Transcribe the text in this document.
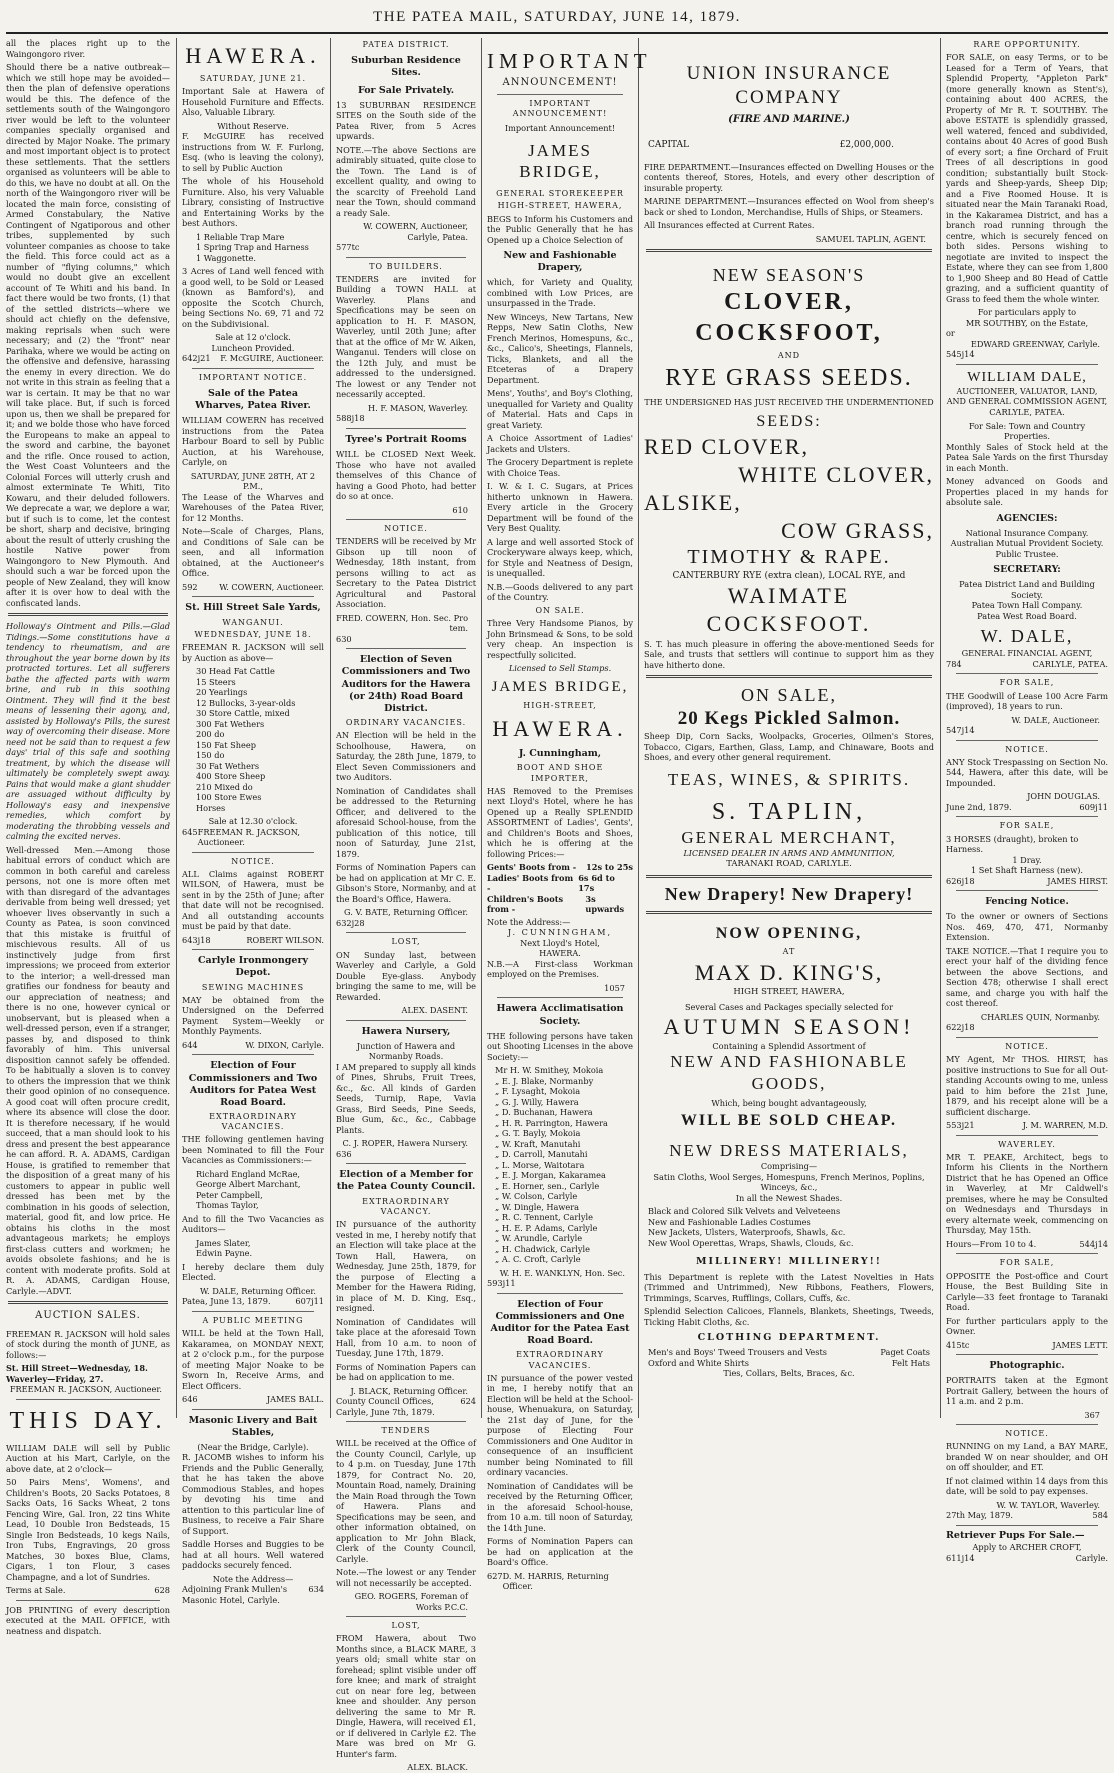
THE PATEA MAIL, SATURDAY, JUNE 14, 1879.

all the places right up to the Waingongoro river.

Should there be a native outbreak—which we still hope may be avoided—then the plan of defensive operations would be this. The defence of the settlements south of the Waingongoro river would be left to the volunteer companies specially organised and directed by Major Noake. The primary and most important object is to protect these settlements. That the settlers organised as volunteers will be able to do this, we have no doubt at all. On the north of the Waingongoro river will be located the main force, consisting of Armed Constabulary, the Native Contingent of Ngatiporous and other tribes, supplemented by such volunteer companies as choose to take the field. This force could act as a number of "flying columns," which would no doubt give an excellent account of Te Whiti and his band. In fact there would be two fronts, (1) that of the settled districts—where we should act chiefly on the defensive, making reprisals when such were necessary; and (2) the "front" near Parihaka, where we would be acting on the offensive and defensive, harassing the enemy in every direction. We do not write in this strain as feeling that a war is certain. It may be that no war will take place. But, if such is forced upon us, then we shall be prepared for it; and we bolde those who have forced the Europeans to make an appeal to the sword and carbine, the bayonet and the rifle. Once roused to action, the West Coast Volunteers and the Colonial Forces will utterly crush and almost exterminate Te Whiti, Tito Kowaru, and their deluded followers. We deprecate a war, we deplore a war, but if such is to come, let the contest be short, sharp and decisive, bringing about the result of utterly crushing the hostile Native power from Waingongoro to New Plymouth. And should such a war be forced upon the people of New Zealand, they will know after it is over how to deal with the confiscated lands.

Holloway's Ointment and Pills.—Glad Tidings.—Some constitutions have a tendency to rheumatism, and are throughout the year borne down by its protracted tortures. Let all sufferers bathe the affected parts with warm brine, and rub in this soothing Ointment. They will find it the best means of lessening their agony, and, assisted by Holloway's Pills, the surest way of overcoming their disease. More need not be said than to request a few days' trial of this safe and soothing treatment, by which the disease will ultimately be completely swept away. Pains that would make a giant shudder are assuaged without difficulty by Holloway's easy and inexpensive remedies, which comfort by moderating the throbbing vessels and calming the excited nerves.

Well-dressed Men.—Among those habitual errors of conduct which are common in both careful and careless persons, not one is more often met with than disregard of the advantages derivable from being well dressed; yet whoever lives observantly in such a County as Patea, is soon convinced that this mistake is fruitful of mischievous results. All of us instinctively judge from first impressions; we proceed from exterior to the interior; a well-dressed man gratifies our fondness for beauty and our appreciation of neatness; and there is no one, however cynical or unobservant, but is pleased when a well-dressed person, even if a stranger, passes by, and disposed to think favorably of him. This universal disposition cannot safely be offended. To be habitually a sloven is to convey to others the impression that we think their good opinion of no consequence. A good coat will often procure credit, where its absence will close the door. It is therefore necessary, if he would succeed, that a man should look to his dress and present the best appearance he can afford. R. A. ADAMS, Cardigan House, is gratified to remember that the disposition of a great many of his customers to appear in public well dressed has been met by the combination in his goods of selection, material, good fit, and low price. He obtains his cloths in the most advantageous markets; he employs first-class cutters and workmen; he avoids obsolete fashions; and he is content with moderate profits. Sold at R. A. ADAMS, Cardigan House, Carlyle.—ADVT.

AUCTION SALES.

FREEMAN R. JACKSON will hold sales of stock during the month of JUNE, as follows:—

St. Hill Street—Wednesday, 18.
Waverley—Friday, 27.
FREEMAN R. JACKSON, Auctioneer.
THIS DAY.

WILLIAM DALE will sell by Public Auction at his Mart, Carlyle, on the above date, at 2 o'clock—

50 Pairs Mens', Womens', and Children's Boots, 20 Sacks Potatoes, 8 Sacks Oats, 16 Sacks Wheat, 2 tons Fencing Wire, Gal. Iron, 22 tins White Lead, 10 Double Iron Bedsteads, 15 Single Iron Bedsteads, 10 kegs Nails, Iron Tubs, Engravings, 20 gross Matches, 30 boxes Blue, Clams, Cigars, 1 ton Flour, 3 cases Champagne, and a lot of Sundries.

Terms at Sale.	628

JOB PRINTING of every description executed at the MAIL OFFICE, with neatness and dispatch.

HAWERA.
SATURDAY, JUNE 21.

Important Sale at Hawera of Household Furniture and Effects. Also, Valuable Library.

Without Reserve.

F. McGUIRE has received instructions from W. F. Furlong, Esq. (who is leaving the colony), to sell by Public Auction

The whole of his Household Furniture. Also, his very Valuable Library, consisting of Instructive and Entertaining Works by the best Authors.

1 Reliable Trap Mare
1 Spring Trap and Harness
1 Waggonette.

3 Acres of Land well fenced with a good well, to be Sold or Leased (known as Bamford's), and opposite the Scotch Church, being Sections No. 69, 71 and 72 on the Subdivisional.

Sale at 12 o'clock.
Luncheon Provided.
642j21 F. McGUIRE, Auctioneer.
IMPORTANT NOTICE.
Sale of the Patea Wharves, Patea River.

WILLIAM COWERN has received instructions from the Patea Harbour Board to sell by Public Auction, at his Warehouse, Carlyle, on

SATURDAY, JUNE 28TH, AT 2 P.M.,

The Lease of the Wharves and Warehouses of the Patea River, for 12 Months.

Note—Scale of Charges, Plans, and Conditions of Sale can be seen, and all information obtained, at the Auctioneer's Office.

592	W. COWERN, Auctioneer.
St. Hill Street Sale Yards,
WANGANUI.
WEDNESDAY, JUNE 18.

FREEMAN R. JACKSON will sell by Auction as above—

30 Head Fat Cattle
15 Steers
20 Yearlings
12 Bullocks, 3-year-olds
30 Store Cattle, mixed
300 Fat Wethers
200 do
150 Fat Sheep
150 do
30 Fat Wethers
400 Store Sheep
210 Mixed do
100 Store Ewes
Horses
Sale at 12.30 o'clock.
645 FREEMAN R. JACKSON, Auctioneer.
NOTICE.

ALL Claims against ROBERT WILSON, of Hawera, must be sent in by the 25th of June; after that date will not be recognised. And all outstanding accounts must be paid by that date.

643j18	ROBERT WILSON.
Carlyle Ironmongery Depot.
SEWING MACHINES

MAY be obtained from the Undersigned on the Deferred Payment System—Weekly or Monthly Payments.

644	W. DIXON, Carlyle.
Election of Four Commissioners and Two Auditors for Patea West Road Board.
EXTRAORDINARY VACANCIES.

THE following gentlemen having been Nominated to fill the Four Vacancies as Commissioners:—

Richard England McRae,
George Albert Marchant,
Peter Campbell,
Thomas Taylor,

And to fill the Two Vacancies as Auditors—

James Slater,
Edwin Payne.

I hereby declare them duly Elected.

W. DALE, Returning Officer.
Patea, June 13, 1879.	607j11
A PUBLIC MEETING

WILL be held at the Town Hall, Kakaramea, on MONDAY NEXT, at 2 o'clock p.m., for the purpose of meeting Major Noake to be Sworn In, Receive Arms, and Elect Officers.

646	JAMES BALL.
Masonic Livery and Bait Stables,
(Near the Bridge, Carlyle).

R. JACOMB wishes to inform his Friends and the Public Generally, that he has taken the above Commodious Stables, and hopes by devoting his time and attention to this particular line of Business, to receive a Fair Share of Support.

Saddle Horses and Buggies to be had at all hours. Well watered paddocks securely fenced.

Note the Address—
Adjoining Frank Mullen's Masonic Hotel, Carlyle.
634
PATEA DISTRICT.
Suburban Residence Sites.
For Sale Privately.

13 SUBURBAN RESIDENCE SITES on the South side of the Patea River, from 5 Acres upwards.

NOTE.—The above Sections are admirably situated, quite close to the Town. The Land is of excellent quality, and owing to the scarcity of Freehold Land near the Town, should command a ready Sale.

W. COWERN, Auctioneer, Carlyle, Patea.
577tc
TO BUILDERS.

TENDERS are invited for Building a TOWN HALL at Waverley. Plans and Specifications may be seen on application to H. F. MASON, Waverley, until 20th June; after that at the office of Mr W. Aiken, Wanganui. Tenders will close on the 12th July, and must be addressed to the undersigned. The lowest or any Tender not necessarily accepted.

H. F. MASON, Waverley.
588j18
Tyree's Portrait Rooms

WILL be CLOSED Next Week. Those who have not availed themselves of this Chance of having a Good Photo, had better do so at once.

610
NOTICE.

TENDERS will be received by Mr Gibson up till noon of Wednesday, 18th instant, from persons willing to act as Secretary to the Patea District Agricultural and Pastoral Association.

FRED. COWERN, Hon. Sec. Pro tem.
630
Election of Seven Commissioners and Two Auditors for the Hawera (or 24th) Road Board District.
ORDINARY VACANCIES.

AN Election will be held in the Schoolhouse, Hawera, on Saturday, the 28th June, 1879, to Elect Seven Commissioners and two Auditors.

Nomination of Candidates shall be addressed to the Returning Officer, and delivered to the aforesaid School-house, from the publication of this notice, till noon of Saturday, June 21st, 1879.

Forms of Nomination Papers can be had on application at Mr C. E. Gibson's Store, Normanby, and at the Board's Office, Hawera.

G. V. BATE, Returning Officer.
632j28
LOST,

ON Sunday last, between Waverley and Carlyle, a Gold Double Eye-glass. Anybody bringing the same to me, will be Rewarded.

ALEX. DASENT.
Hawera Nursery,
Junction of Hawera and Normanby Roads.

I AM prepared to supply all kinds of Pines, Shrubs, Fruit Trees, &c., &c. All kinds of Garden Seeds, Turnip, Rape, Vavia Grass, Bird Seeds, Pine Seeds, Blue Gum, &c., &c., Cabbage Plants.

C. J. ROPER, Hawera Nursery.
636
Election of a Member for the Patea County Council.
EXTRAORDINARY VACANCY.

IN pursuance of the authority vested in me, I hereby notify that an Election will take place at the Town Hall, Hawera, on Wednesday, June 25th, 1879, for the purpose of Electing a Member for the Hawera Riding, in place of M. D. King, Esq., resigned.

Nomination of Candidates will take place at the aforesaid Town Hall, from 10 a.m. to noon of Tuesday, June 17th, 1879.

Forms of Nomination Papers can be had on application to me.

J. BLACK, Returning Officer.
County Council Offices, Carlyle, June 7th, 1879.
624
TENDERS

WILL be received at the Office of the County Council, Carlyle, up to 4 p.m. on Tuesday, June 17th 1879, for Contract No. 20, Mountain Road, namely, Draining the Main Road through the Town of Hawera. Plans and Specifications may be seen, and other information obtained, on application to Mr John Black, Clerk of the County Council, Carlyle.

Note.—The lowest or any Tender will not necessarily be accepted.

GEO. ROGERS, Foreman of Works P.C.C.
LOST,

FROM Hawera, about Two Months since, a BLACK MARE, 3 years old; small white star on forehead; splint visible under off fore knee; and mark of straight cut on near fore leg, between knee and shoulder. Any person delivering the same to Mr R. Dingle, Hawera, will received £1, or if delivered in Carlyle £2. The Mare was bred on Mr G. Hunter's farm.

ALEX. BLACK.
IMPORTANT
ANNOUNCEMENT!
IMPORTANT ANNOUNCEMENT!
Important Announcement!
JAMES BRIDGE,
GENERAL STOREKEEPER
HIGH-STREET, HAWERA,

BEGS to Inform his Customers and the Public Generally that he has Opened up a Choice Selection of

New and Fashionable Drapery,

which, for Variety and Quality, combined with Low Prices, are unsurpassed in the Trade.

New Winceys, New Tartans, New Repps, New Satin Cloths, New French Merinos, Homespuns, &c., &c., Calico's, Sheetings, Flannels, Ticks, Blankets, and all the Etceteras of a Drapery Department.

Mens', Youths', and Boy's Clothing, unequalled for Variety and Quality of Material. Hats and Caps in great Variety.

A Choice Assortment of Ladies' Jackets and Ulsters.

The Grocery Department is replete with Choice Teas.

I. W. & I. C. Sugars, at Prices hitherto unknown in Hawera. Every article in the Grocery Department will be found of the Very Best Quality.

A large and well assorted Stock of Crockeryware always keep, which, for Style and Neatness of Design, is unequalled.

N.B.—Goods delivered to any part of the Country.

ON SALE.

Three Very Handsome Pianos, by John Brinsmead & Sons, to be sold very cheap. An inspection is respectfully solicited.

Licensed to Sell Stamps.
JAMES BRIDGE,
HIGH-STREET,
HAWERA.
J. Cunningham,
BOOT AND SHOE IMPORTER,

HAS Removed to the Premises next Lloyd's Hotel, where he has Opened up a Really SPLENDID ASSORTMENT of Ladies', Gents', and Children's Boots and Shoes, which he is offering at the following Prices:—

Gents' Boots from - 12s to 25s
Ladies' Boots from -
6s 6d to 17s
Children's Boots from -
3s upwards
Note the Address:—
J. CUNNINGHAM,
Next Lloyd's Hotel,
HAWERA.

N.B.—A First-class Workman employed on the Premises.

1057
Hawera Acclimatisation Society.

THE following persons have taken out Shooting Licenses in the above Society:—

Mr H. W. Smithey, Mokoia
„ E. J. Blake, Normanby
„ F. Lysaght, Mokoia
„ G. J. Willy, Hawera
„ D. Buchanan, Hawera
„ H. R. Parrington, Hawera
„ G. T. Bayly, Mokoia
„ W. Kraft, Manutahi
„ D. Carroll, Manutahi
„ L. Morse, Waitotara
„ E. J. Morgan, Kakaramea
„ E. Horner, sen., Carlyle
„ W. Colson, Carlyle
„ W. Dingle, Hawera
„ R. C. Tennent, Carlyle
„ H. E. P. Adams, Carlyle
„ W. Arundle, Carlyle
„ H. Chadwick, Carlyle
„ A. C. Croft, Carlyle
W. H. E. WANKLYN, Hon. Sec.
593j11
Election of Four Commissioners and One Auditor for the Patea East Road Board.
EXTRAORDINARY VACANCIES.

IN pursuance of the power vested in me, I hereby notify that an Election will be held at the School-house, Whenuakura, on Saturday, the 21st day of June, for the purpose of Electing Four Commissioners and One Auditor in consequence of an insufficient number being Nominated to fill ordinary vacancies.

Nomination of Candidates will be received by the Returning Officer, in the aforesaid School-house, from 10 a.m. till noon of Saturday, the 14th June.

Forms of Nomination Papers can be had on application at the Board's Office.

627 D. M. HARRIS, Returning Officer.
UNION INSURANCE COMPANY
(FIRE AND MARINE.)
CAPITAL	£2,000,000.

FIRE DEPARTMENT.—Insurances effected on Dwelling Houses or the contents thereof, Stores, Hotels, and every other description of insurable property.

MARINE DEPARTMENT.—Insurances effected on Wool from sheep's back or shed to London, Merchandise, Hulls of Ships, or Steamers.

All Insurances effected at Current Rates.

SAMUEL TAPLIN, AGENT.
NEW SEASON'S
CLOVER, COCKSFOOT,
AND
RYE GRASS SEEDS.
THE UNDERSIGNED HAS JUST RECEIVED THE UNDERMENTIONED
SEEDS:
RED CLOVER,
WHITE CLOVER,
ALSIKE,
COW GRASS,
TIMOTHY & RAPE.
CANTERBURY RYE (extra clean), LOCAL RYE, and
WAIMATE COCKSFOOT.

S. T. has much pleasure in offering the above-mentioned Seeds for Sale, and trusts that settlers will continue to support him as they have hitherto done.

ON SALE,
20 Kegs Pickled Salmon.

Sheep Dip, Corn Sacks, Woolpacks, Groceries, Oilmen's Stores, Tobacco, Cigars, Earthen, Glass, Lamp, and Chinaware, Boots and Shoes, and every other general requirement.

TEAS, WINES, & SPIRITS.
S. TAPLIN,
GENERAL MERCHANT,
LICENSED DEALER IN ARMS AND AMMUNITION,
TARANAKI ROAD, CARLYLE.
New Drapery! New Drapery!
NOW OPENING,
AT
MAX D. KING'S,
HIGH STREET, HAWERA,
Several Cases and Packages specially selected for
AUTUMN SEASON!
Containing a Splendid Assortment of
NEW AND FASHIONABLE GOODS,
Which, being bought advantageously,
WILL BE SOLD CHEAP.
NEW DRESS MATERIALS,
Comprising—
Satin Cloths, Wool Serges, Homespuns, French Merinos, Poplins, Winceys, &c.,
In all the Newest Shades.
Black and Colored Silk Velvets and Velveteens
New and Fashionable Ladies Costumes
New Jackets, Ulsters, Waterproofs, Shawls, &c.
New Wool Operettas, Wraps, Shawls, Clouds, &c.
MILLINERY! MILLINERY!!

This Department is replete with the Latest Novelties in Hats (Trimmed and Untrimmed), New Ribbons, Feathers, Flowers, Trimmings, Scarves, Rufflings, Collars, Cuffs, &c.

Splendid Selection Calicoes, Flannels, Blankets, Sheetings, Tweeds, Ticking Habit Cloths, &c.

CLOTHING DEPARTMENT.
Men's and Boys' Tweed Trousers and Vests	Paget Coats
Oxford and White Shirts	Felt Hats
Ties, Collars, Belts, Braces, &c.
RARE OPPORTUNITY.

FOR SALE, on easy Terms, or to be Leased for a Term of Years, that Splendid Property, "Appleton Park" (more generally known as Stent's), containing about 400 ACRES, the Property of Mr R. T. SOUTHBY. The above ESTATE is splendidly grassed, well watered, fenced and subdivided, contains about 40 Acres of good Bush of every sort; a fine Orchard of Fruit Trees of all descriptions in good condition; substantially built Stock-yards and Sheep-yards, Sheep Dip; and a Five Roomed House. It is situated near the Main Taranaki Road, in the Kakaramea District, and has a branch road running through the centre, which is securely fenced on both sides. Persons wishing to negotiate are invited to inspect the Estate, where they can see from 1,800 to 1,900 Sheep and 80 Head of Cattle grazing, and a sufficient quantity of Grass to feed them the whole winter.

For particulars apply to
MR SOUTHBY, on the Estate,
or
EDWARD GREENWAY, Carlyle.
545j14
WILLIAM DALE,
AUCTIONEER, VALUATOR, LAND, AND GENERAL COMMISSION AGENT,
CARLYLE, PATEA.
For Sale: Town and Country Properties.

Monthly Sales of Stock held at the Patea Sale Yards on the first Thursday in each Month.

Money advanced on Goods and Properties placed in my hands for absolute sale.

AGENCIES:
National Insurance Company.
Australian Mutual Provident Society.
Public Trustee.
SECRETARY:
Patea District Land and Building Society.
Patea Town Hall Company.
Patea West Road Board.
W. DALE,
GENERAL FINANCIAL AGENT,
784	CARLYLE, PATEA.
FOR SALE,

THE Goodwill of Lease 100 Acre Farm (improved), 18 years to run.

W. DALE, Auctioneer.
547j14
NOTICE.

ANY Stock Trespassing on Section No. 544, Hawera, after this date, will be Impounded.

JOHN DOUGLAS.
June 2nd, 1879.	609j11
FOR SALE,
3 HORSES (draught), broken to Harness.
1 Dray.
1 Set Shaft Harness (new).
626j18	JAMES HIRST.
Fencing Notice.

To the owner or owners of Sections Nos. 469, 470, 471, Normanby Extension.

TAKE NOTICE.—That I require you to erect your half of the dividing fence between the above Sections, and Section 478; otherwise I shall erect same, and charge you with half the cost thereof.

CHARLES QUIN, Normanby.
622j18
NOTICE.

MY Agent, Mr THOS. HIRST, has positive instructions to Sue for all Out-standing Accounts owing to me, unless paid to him before the 21st June, 1879, and his receipt alone will be a sufficient discharge.

553j21	J. M. WARREN, M.D.
WAVERLEY.

MR T. PEAKE, Architect, begs to Inform his Clients in the Northern District that he has Opened an Office in Waverley, at Mr Caldwell's premises, where he may be Consulted on Wednesdays and Thursdays in every alternate week, commencing on Thursday, May 15th.

Hours—From 10 to 4.	544j14
FOR SALE,

OPPOSITE the Post-office and Court House, the Best Building Site in Carlyle—33 feet frontage to Taranaki Road.

For further particulars apply to the Owner.

415tc	JAMES LETT.
Photographic.

PORTRAITS taken at the Egmont Portrait Gallery, between the hours of 11 a.m. and 2 p.m.

367
NOTICE.

RUNNING on my Land, a BAY MARE, branded W on near shoulder, and OH on off shoulder, and ET.

If not claimed within 14 days from this date, will be sold to pay expenses.

W. W. TAYLOR, Waverley.
27th May, 1879.	584
Retriever Pups For Sale.—
Apply to ARCHER CROFT,
611j14	Carlyle.
